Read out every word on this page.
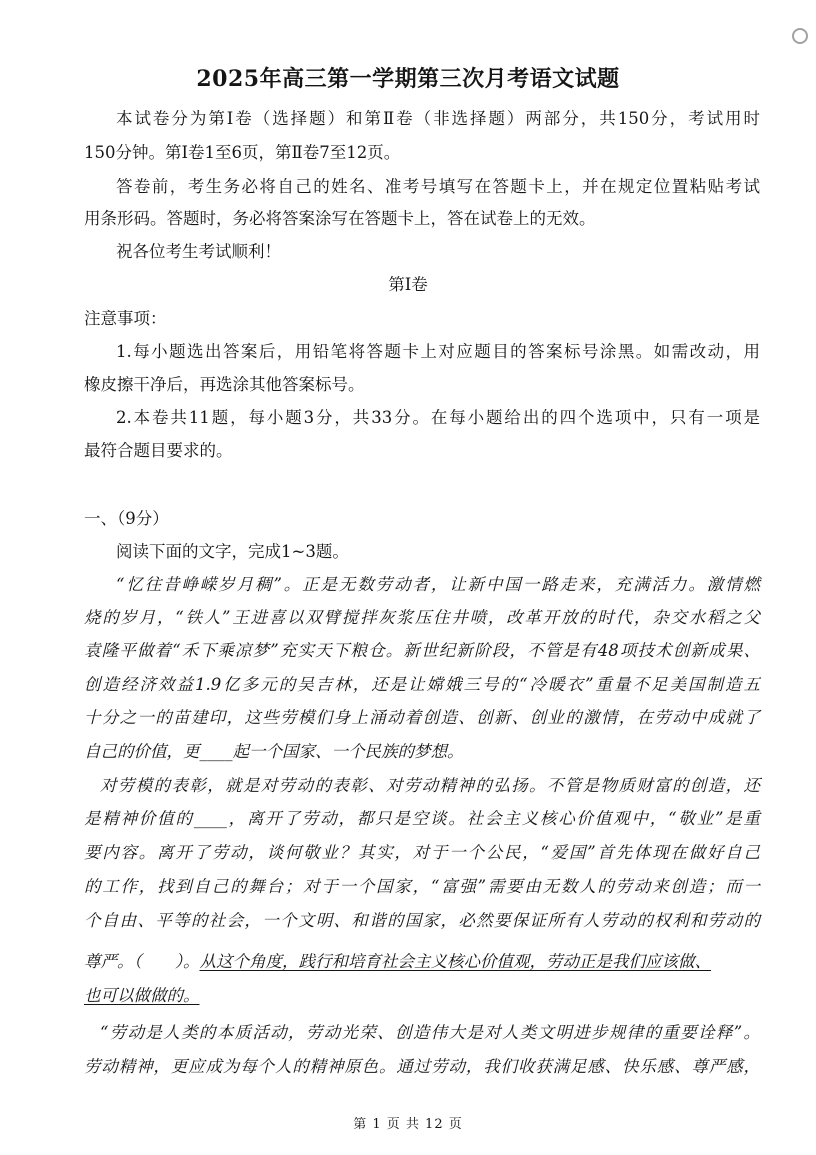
2025年高三第一学期第三次月考语文试题
本试卷分为第Ⅰ卷（选择题）和第Ⅱ卷（非选择题）两部分，共150分，考试用时
150分钟。第Ⅰ卷1至6页，第Ⅱ卷7至12页。
答卷前，考生务必将自己的姓名、准考号填写在答题卡上，并在规定位置粘贴考试
用条形码。答题时，务必将答案涂写在答题卡上，答在试卷上的无效。
祝各位考生考试顺利！
第Ⅰ卷
注意事项：
1.每小题选出答案后，用铅笔将答题卡上对应题目的答案标号涂黑。如需改动，用
橡皮擦干净后，再选涂其他答案标号。
2.本卷共11题，每小题3分，共33分。在每小题给出的四个选项中，只有一项是
最符合题目要求的。
一、（9分）
阅读下面的文字，完成1~3题。
“忆往昔峥嵘岁月稠”。正是无数劳动者，让新中国一路走来，充满活力。激情燃
烧的岁月，“铁人”王进喜以双臂搅拌灰浆压住井喷，改革开放的时代，杂交水稻之父
袁隆平做着“禾下乘凉梦”充实天下粮仓。新世纪新阶段，不管是有48项技术创新成果、
创造经济效益1.9亿多元的吴吉林，还是让嫦娥三号的“冷暖衣”重量不足美国制造五
十分之一的苗建印，这些劳模们身上涌动着创造、创新、创业的激情，在劳动中成就了
自己的价值，更____起一个国家、一个民族的梦想。
对劳模的表彰，就是对劳动的表彰、对劳动精神的弘扬。不管是物质财富的创造，还
是精神价值的____，离开了劳动，都只是空谈。社会主义核心价值观中，“敬业”是重
要内容。离开了劳动，谈何敬业？其实，对于一个公民，“爱国”首先体现在做好自己
的工作，找到自己的舞台；对于一个国家，“富强”需要由无数人的劳动来创造；而一
个自由、平等的社会，一个文明、和谐的国家，必然要保证所有人劳动的权利和劳动的
尊严。（　　）。从这个角度，践行和培育社会主义核心价值观，劳动正是我们应该做、
也可以做做的。
“劳动是人类的本质活动，劳动光荣、创造伟大是对人类文明进步规律的重要诠释”。
劳动精神，更应成为每个人的精神原色。通过劳动，我们收获满足感、快乐感、尊严感，
第 1 页 共 12 页
